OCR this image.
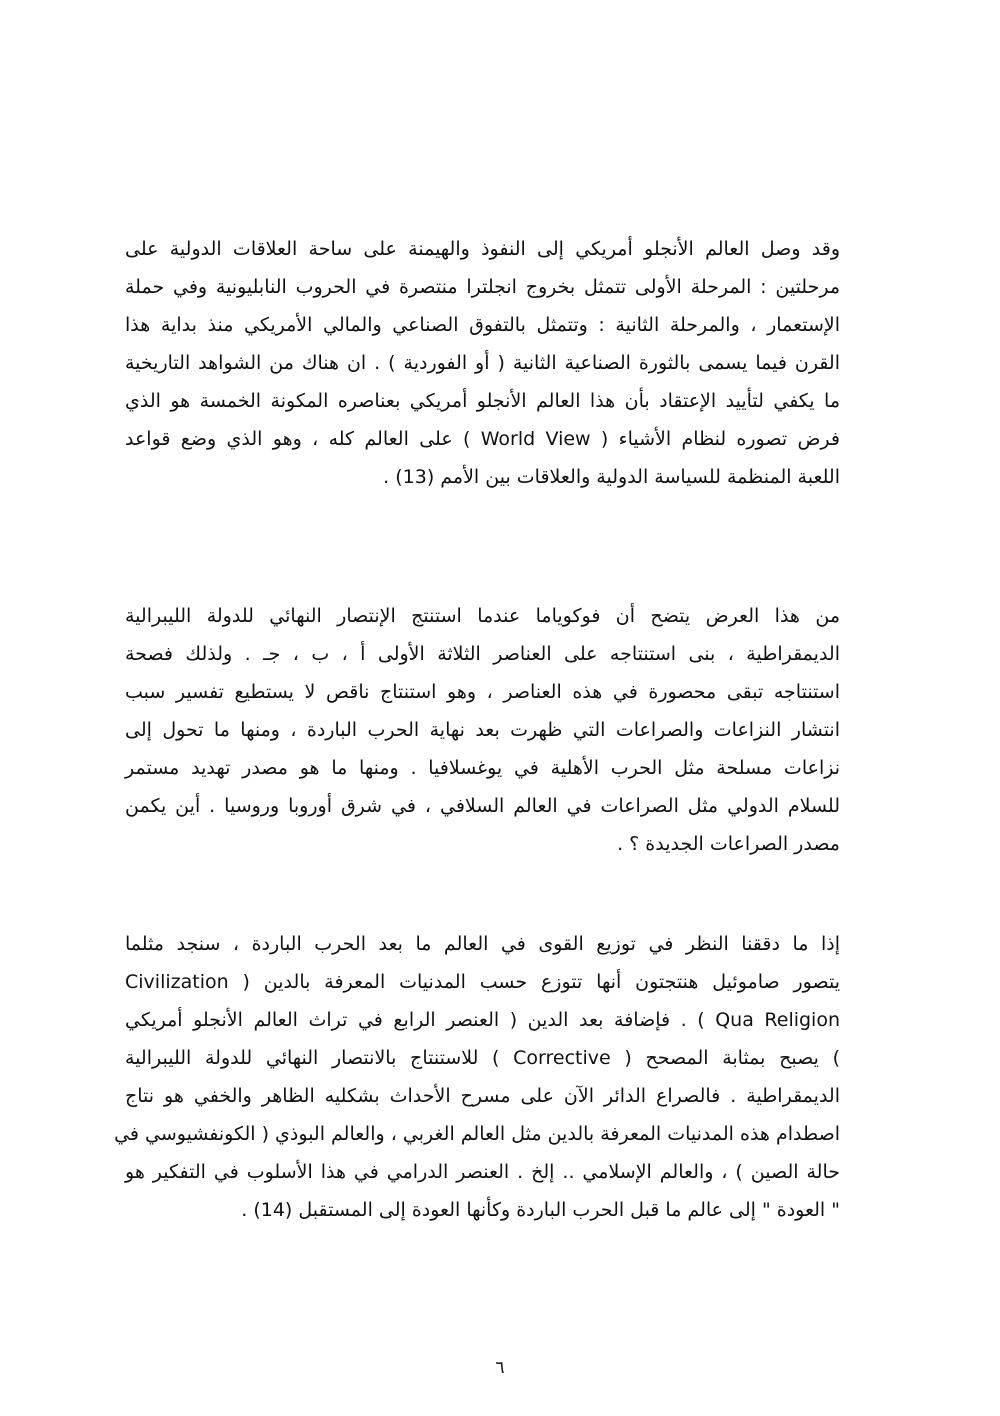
وقد وصل العالم الأنجلو أمريكي إلى النفوذ والهيمنة على ساحة العلاقات الدولية على
مرحلتين : المرحلة الأولى تتمثل بخروج انجلترا منتصرة في الحروب النابليونية وفي حملة
الإستعمار ، والمرحلة الثانية : وتتمثل بالتفوق الصناعي والمالي الأمريكي منذ بداية هذا
القرن فيما يسمى بالثورة الصناعية الثانية ( أو الفوردية ) . ان هناك من الشواهد التاريخية
ما يكفي لتأييد الإعتقاد بأن هذا العالم الأنجلو أمريكي بعناصره المكونة الخمسة هو الذي
فرض تصوره لنظام الأشياء ( World View ) على العالم كله ، وهو الذي وضع قواعد
اللعبة المنظمة للسياسة الدولية والعلاقات بين الأمم (13) .
من هذا العرض يتضح أن فوكوياما عندما استنتج الإنتصار النهائي للدولة الليبرالية
الديمقراطية ، بنى استنتاجه على العناصر الثلاثة الأولى أ ، ب ، جـ . ولذلك فصحة
استنتاجه تبقى محصورة في هذه العناصر ، وهو استنتاج ناقص لا يستطيع تفسير سبب
انتشار النزاعات والصراعات التي ظهرت بعد نهاية الحرب الباردة ، ومنها ما تحول إلى
نزاعات مسلحة مثل الحرب الأهلية في يوغسلافيا . ومنها ما هو مصدر تهديد مستمر
للسلام الدولي مثل الصراعات في العالم السلافي ، في شرق أوروبا وروسيا . أين يكمن
مصدر الصراعات الجديدة ؟ .
إذا ما دققنا النظر في توزيع القوى في العالم ما بعد الحرب الباردة ، سنجد مثلما
يتصور صاموئيل هنتجتون أنها تتوزع حسب المدنيات المعرفة بالدين ( Civilization
Qua Religion ) . فإضافة بعد الدين ( العنصر الرابع في تراث العالم الأنجلو أمريكي
) يصبح بمثابة المصحح ( Corrective ) للاستنتاج بالانتصار النهائي للدولة الليبرالية
الديمقراطية . فالصراع الدائر الآن على مسرح الأحداث بشكليه الظاهر والخفي هو نتاج
اصطدام هذه المدنيات المعرفة بالدين مثل العالم الغربي ، والعالم البوذي ( الكونفشيوسي في
حالة الصين ) ، والعالم الإسلامي .. إلخ . العنصر الدرامي في هذا الأسلوب في التفكير هو
" العودة " إلى عالم ما قبل الحرب الباردة وكأنها العودة إلى المستقبل (14) .
٦
